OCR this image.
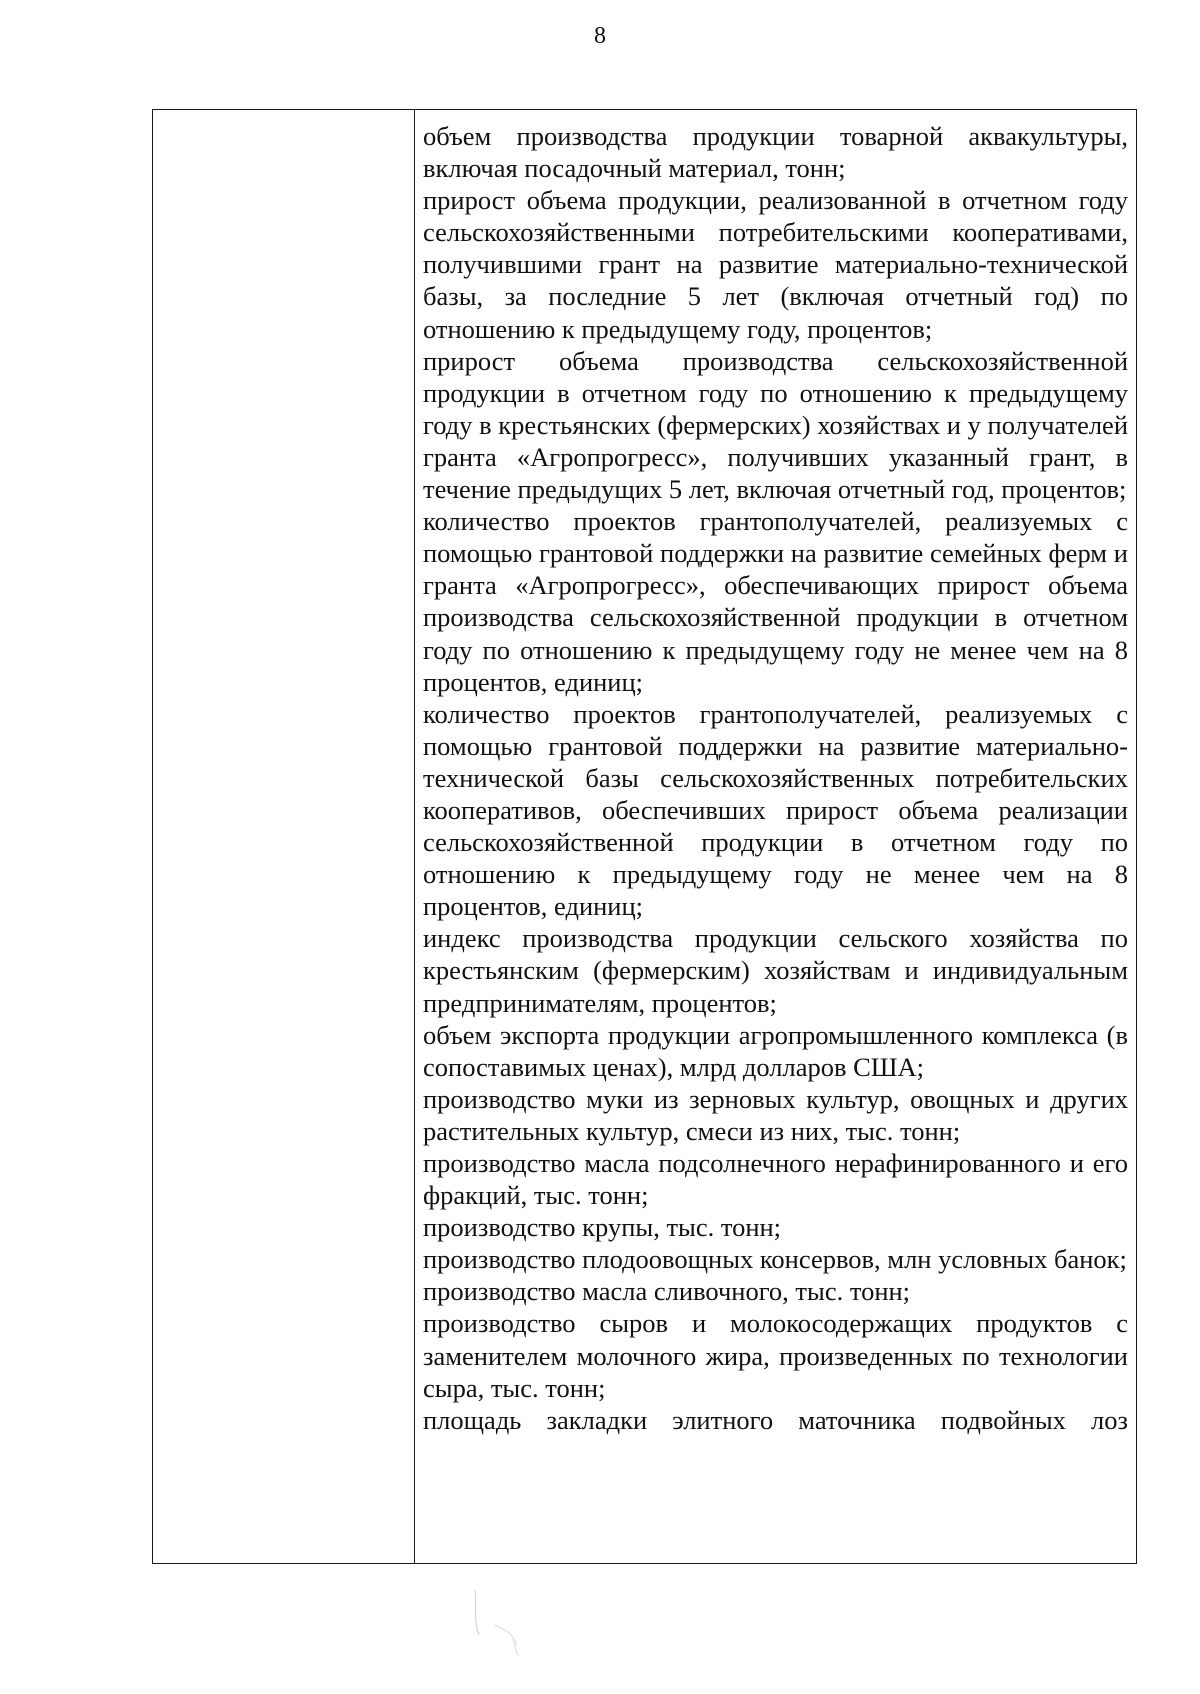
8
объем производства продукции товарной аквакультуры, включая посадочный материал, тонн;
прирост объема продукции, реализованной в отчетном году сельскохозяйственными потребительскими кооперативами, получившими грант на развитие материально-технической базы, за последние 5 лет (включая отчетный год) по отношению к предыдущему году, процентов;
прирост объема производства сельскохозяйственной продукции в отчетном году по отношению к предыдущему году в крестьянских (фермерских) хозяйствах и у получателей гранта «Агропрогресс», получивших указанный грант, в течение предыдущих 5 лет, включая отчетный год, процентов;
количество проектов грантополучателей, реализуемых с помощью грантовой поддержки на развитие семейных ферм и гранта «Агропрогресс», обеспечивающих прирост объема производства сельскохозяйственной продукции в отчетном году по отношению к предыдущему году не менее чем на 8 процентов, единиц;
количество проектов грантополучателей, реализуемых с помощью грантовой поддержки на развитие материально-технической базы сельскохозяйственных потребительских кооперативов, обеспечивших прирост объема реализации сельскохозяйственной продукции в отчетном году по отношению к предыдущему году не менее чем на 8 процентов, единиц;
индекс производства продукции сельского хозяйства по крестьянским (фермерским) хозяйствам и индивидуальным предпринимателям, процентов;
объем экспорта продукции агропромышленного комплекса (в сопоставимых ценах), млрд долларов США;
производство муки из зерновых культур, овощных и других растительных культур, смеси из них, тыс. тонн;
производство масла подсолнечного нерафинированного и его фракций, тыс. тонн;
производство крупы, тыс. тонн;
производство плодоовощных консервов, млн условных банок;
производство масла сливочного, тыс. тонн;
производство сыров и молокосодержащих продуктов с заменителем молочного жира, произведенных по технологии сыра, тыс. тонн;
площадь закладки элитного маточника подвойных лоз
